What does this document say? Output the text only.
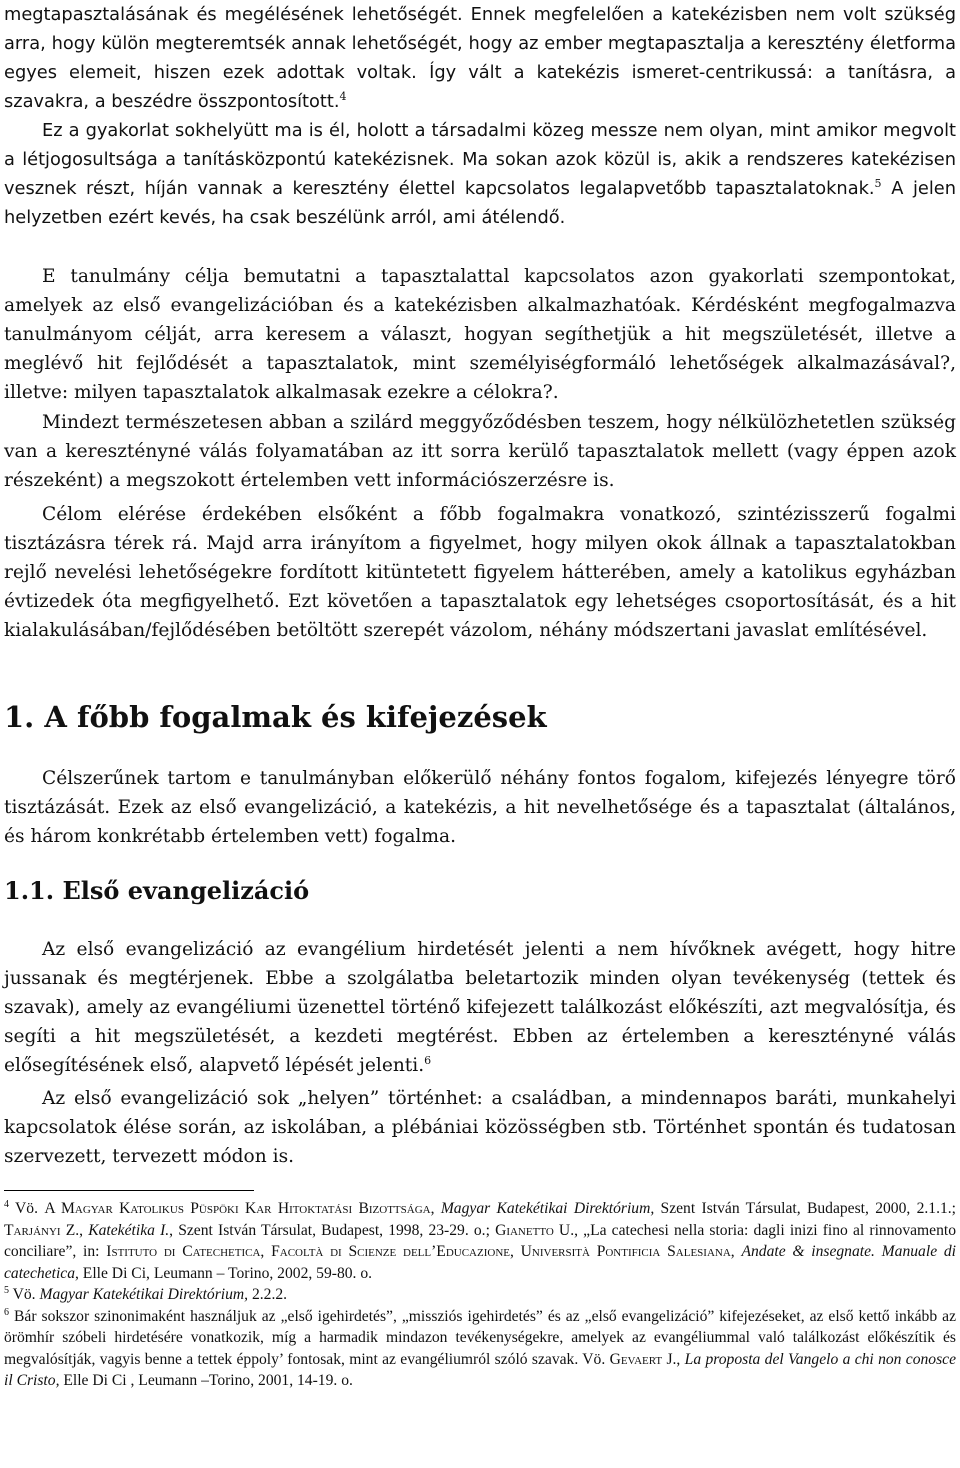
megtapasztalásának és megélésének lehetőségét. Ennek megfelelően a katekézisben nem volt szükség arra, hogy külön megteremtsék annak lehetőségét, hogy az ember megtapasztalja a keresztény életforma egyes elemeit, hiszen ezek adottak voltak. Így vált a katekézis ismeret-centrikussá: a tanításra, a szavakra, a beszédre összpontosított.$^4$

Ez a gyakorlat sokhelyütt ma is él, holott a társadalmi közeg messze nem olyan, mint amikor megvolt a létjogosultsága a tanításközpontú katekézisnek. Ma sokan azok közül is, akik a rendszeres katekézisen vesznek részt, híján vannak a keresztény élettel kapcsolatos legalapvetőbb tapasztalatoknak.$^5$ A jelen helyzetben ezért kevés, ha csak beszélünk arról, ami átélendő.

E tanulmány célja bemutatni a tapasztalattal kapcsolatos azon gyakorlati szempontokat, amelyek az első evangelizációban és a katekézisben alkalmazhatóak. Kérdésként megfogalmazva tanulmányom célját, arra keresem a választ, hogyan segíthetjük a hit megszületését, illetve a meglévő hit fejlődését a tapasztalatok, mint személyiségformáló lehetőségek alkalmazásával?, illetve: milyen tapasztalatok alkalmasak ezekre a célokra?.

Mindezt természetesen abban a szilárd meggyőződésben teszem, hogy nélkülözhetetlen szükség van a keresztényné válás folyamatában az itt sorra kerülő tapasztalatok mellett (vagy éppen azok részeként) a megszokott értelemben vett információszerzésre is.

Célom elérése érdekében elsőként a főbb fogalmakra vonatkozó, szintézisszerű fogalmi tisztázásra térek rá. Majd arra irányítom a figyelmet, hogy milyen okok állnak a tapasztalatokban rejlő nevelési lehetőségekre fordított kitüntetett figyelem hátterében, amely a katolikus egyházban évtizedek óta megfigyelhető. Ezt követően a tapasztalatok egy lehetséges csoportosítását, és a hit kialakulásában/fejlődésében betöltött szerepét vázolom, néhány módszertani javaslat említésével.

1. A főbb fogalmak és kifejezések

Célszerűnek tartom e tanulmányban előkerülő néhány fontos fogalom, kifejezés lényegre törő tisztázását. Ezek az első evangelizáció, a katekézis, a hit nevelhetősége és a tapasztalat (általános, és három konkrétabb értelemben vett) fogalma.

1.1. Első evangelizáció

Az első evangelizáció az evangélium hirdetését jelenti a nem hívőknek avégett, hogy hitre jussanak és megtérjenek. Ebbe a szolgálatba beletartozik minden olyan tevékenység (tettek és szavak), amely az evangéliumi üzenettel történő kifejezett találkozást előkészíti, azt megvalósítja, és segíti a hit megszületését, a kezdeti megtérést. Ebben az értelemben a keresztényné válás elősegítésének első, alapvető lépését jelenti.$^6$

Az első evangelizáció sok „helyen” történhet: a családban, a mindennapos baráti, munkahelyi kapcsolatok élése során, az iskolában, a plébániai közösségben stb. Történhet spontán és tudatosan szervezett, tervezett módon is.

$^4$ Vö. A Magyar Katolikus Püspöki Kar Hitoktatási Bizottsága, Magyar Katekétikai Direktórium, Szent István Társulat, Budapest, 2000, 2.1.1.; Tarjányi Z., Katekétika I., Szent István Társulat, Budapest, 1998, 23-29. o.; Gianetto U., „La catechesi nella storia: dagli inizi fino al rinnovamento conciliare”, in: Istituto di Catechetica, Facoltà di Scienze dell’Educazione, Università Pontificia Salesiana, Andate & insegnate. Manuale di catechetica, Elle Di Ci, Leumann – Torino, 2002, 59-80. o.

$^5$ Vö. Magyar Katekétikai Direktórium, 2.2.2.

$^6$ Bár sokszor szinonimaként használjuk az „első igehirdetés”, „missziós igehirdetés” és az „első evangelizáció” kifejezéseket, az első kettő inkább az örömhír szóbeli hirdetésére vonatkozik, míg a harmadik mindazon tevékenységekre, amelyek az evangéliummal való találkozást előkészítik és megvalósítják, vagyis benne a tettek éppoly’ fontosak, mint az evangéliumról szóló szavak. Vö. Gevaert J., La proposta del Vangelo a chi non conosce il Cristo, Elle Di Ci , Leumann –Torino, 2001, 14-19. o.
